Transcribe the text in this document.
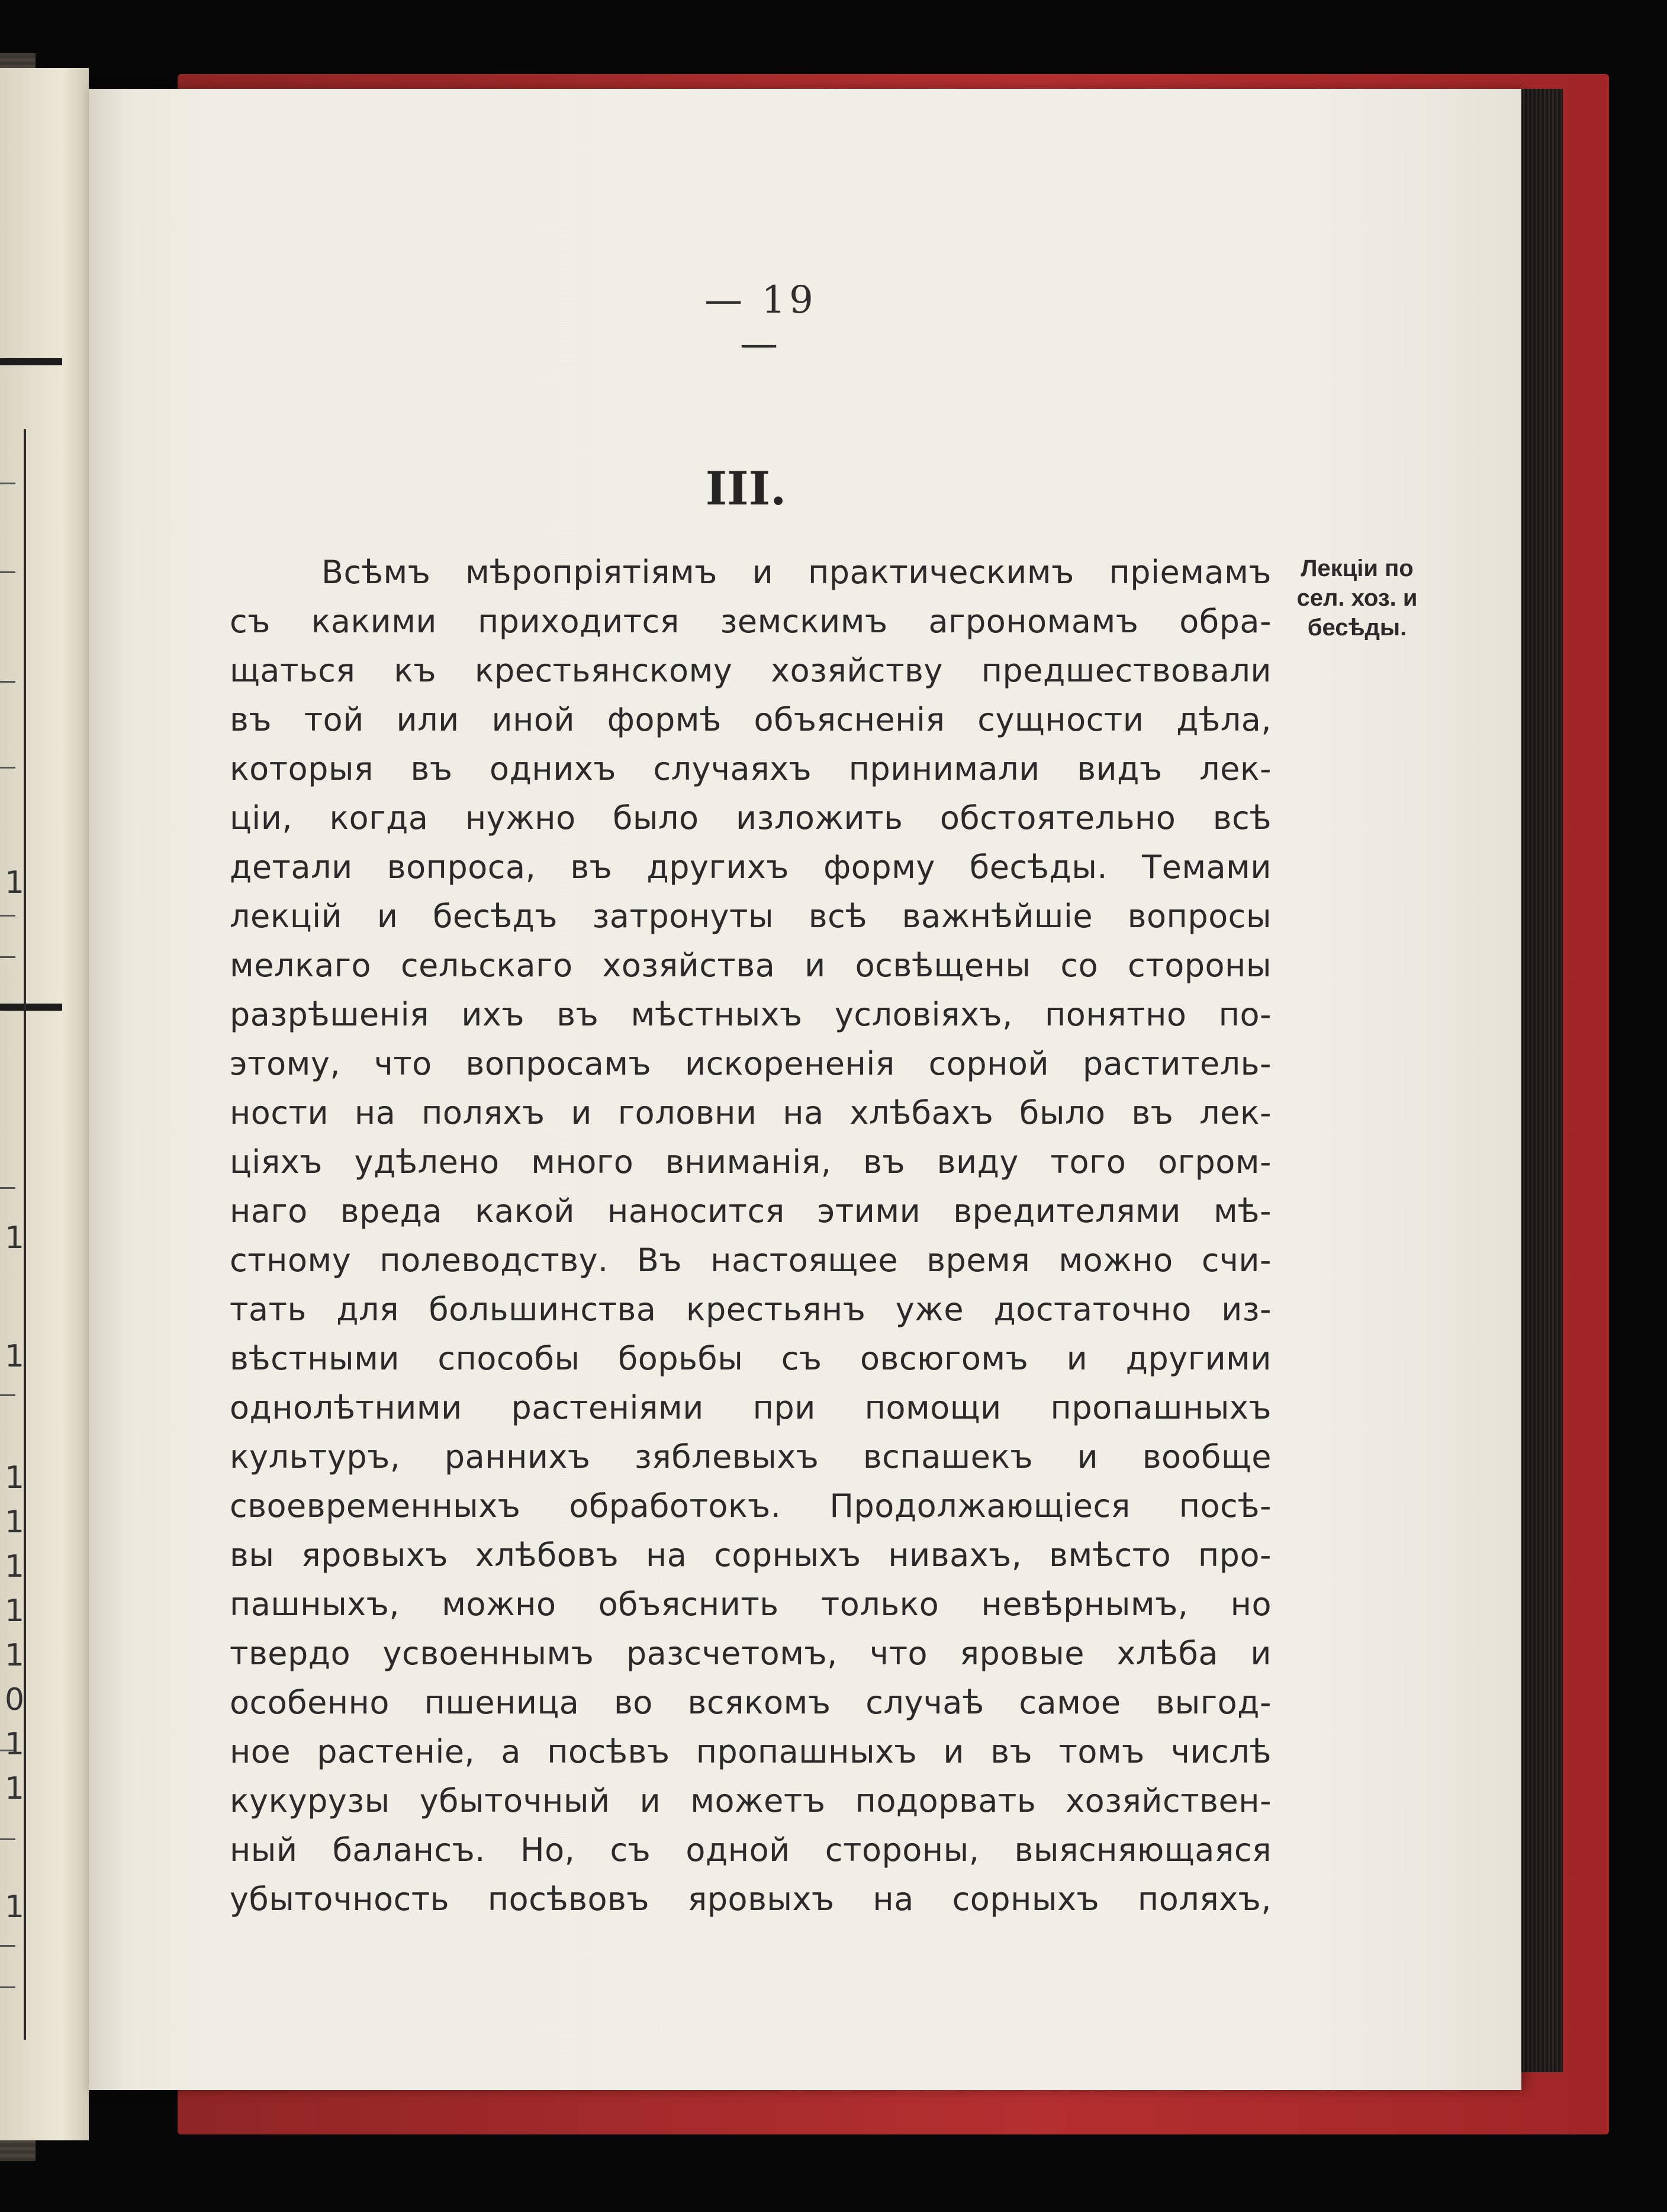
1
1
1
1
1
1
1
1
0
1
1
1
— 19 —
III.
Лекціи по
сел. хоз. и
бесѣды.
Всѣмъ мѣропріятіямъ и практическимъ пріемамъ
съ какими приходится земскимъ агрономамъ обра-
щаться къ крестьянскому хозяйству предшествовали
въ той или иной формѣ объясненія сущности дѣла,
которыя въ однихъ случаяхъ принимали видъ лек-
ціи, когда нужно было изложить обстоятельно всѣ
детали вопроса, въ другихъ форму бесѣды. Темами
лекцій и бесѣдъ затронуты всѣ важнѣйшіе вопросы
мелкаго сельскаго хозяйства и освѣщены со стороны
разрѣшенія ихъ въ мѣстныхъ условіяхъ, понятно по-
этому, что вопросамъ искорененія сорной раститель-
ности на поляхъ и головни на хлѣбахъ было въ лек-
ціяхъ удѣлено много вниманія, въ виду того огром-
наго вреда какой наносится этими вредителями мѣ-
стному полеводству. Въ настоящее время можно счи-
тать для большинства крестьянъ уже достаточно из-
вѣстными способы борьбы съ овсюгомъ и другими
однолѣтними растеніями при помощи пропашныхъ
культуръ, раннихъ зяблевыхъ вспашекъ и вообще
своевременныхъ обработокъ. Продолжающіеся посѣ-
вы яровыхъ хлѣбовъ на сорныхъ нивахъ, вмѣсто про-
пашныхъ, можно объяснить только невѣрнымъ, но
твердо усвоеннымъ разсчетомъ, что яровые хлѣба и
особенно пшеница во всякомъ случаѣ самое выгод-
ное растеніе, а посѣвъ пропашныхъ и въ томъ числѣ
кукурузы убыточный и можетъ подорвать хозяйствен-
ный балансъ. Но, съ одной стороны, выясняющаяся
убыточность посѣвовъ яровыхъ на сорныхъ поляхъ,
